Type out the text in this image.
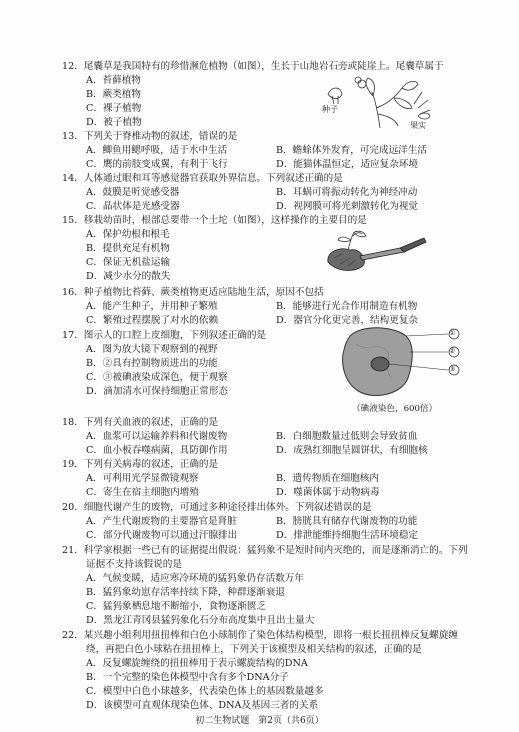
12．尾囊草是我国特有的珍惜濒危植物（如图），生长于山地岩石旁或陡崖上。尾囊草属于
A．苔藓植物
B．蕨类植物
C．裸子植物
D．被子植物
种子
果实
13．下列关于脊椎动物的叙述，错误的是
A．鲫鱼用鳃呼吸，适于水中生活	B．蟾蜍体外发育，可完成远洋生活
C．鹰的前肢变成翼，有利于飞行	D．能猫体温恒定，适应复杂环境
14．人体通过眼和耳等感觉器官获取外界信息。下列叙述正确的是
A．鼓膜是听觉感受器	B．耳蜗可将振动转化为神经冲动
C．晶状体是光感受器	D．视网膜可将光刺激转化为视觉
15．移栽幼苗时，根部总要带一个土坨（如图），这样操作的主要目的是
A．保护幼根和根毛
B．提供充足有机物
C．保证无机盐运输
D．减少水分的散失
16．种子植物比苔藓、蕨类植物更适应陆地生活，原因不包括
A．能产生种子，并用种子繁殖	B．能够进行光合作用制造有机物
C．繁殖过程摆脱了对水的依赖	D．器官分化更完善，结构更复杂
17．图示人的口腔上皮细胞，下列叙述正确的是
A．图为放大镜下观察到的视野
B．②具有控制物质进出的功能
C．③被碘液染成深色，便于观察
D．滴加清水可保持细胞正常形态
①
②
③
（碘液染色，600倍）
18．下列有关血液的叙述，正确的是
A．血浆可以运输养料和代谢废物	B．白细胞数量过低则会导致贫血
C．血小板吞噬病菌，具防御作用	D．成熟红细胞呈圆饼状，有细胞核
19．下列有关病毒的叙述，正确的是
A．可利用光学显微镜观察	B．遗传物质在细胞核内
C．寄生在宿主细胞内增殖	D．噬菌体属于动物病毒
20．细胞代谢产生的废物，可通过多种途径排出体外。下列叙述错误的是
A．产生代谢废物的主要器官是肾脏	B．膀胱具有储存代谢废物的功能
C．部分代谢废物可以通过汗腺排出	D．排泄能维持细胞生活环境稳定
21．科学家根据一些已有的证据提出假说：猛犸象不是短时间内灭绝的，而是逐渐消亡的。下列
证据不支持该假说的是
A．气候变暖，适应寒冷环境的猛犸象仍存活数万年
B．猛犸象幼崽存活率持续下降，种群逐渐衰退
C．猛犸象栖息地不断缩小，食物逐渐匮乏
D．黑龙江青冈县猛犸象化石分布高度集中且出土量大
22．某兴趣小组利用扭扭棒和白色小球制作了染色体结构模型，即将一根长扭扭棒反复螺旋缠
绕，再把白色小球粘在扭扭棒上，下列关于该模型及相关结构的叙述，正确的是
A．反复螺旋缠绕的扭扭棒用于表示螺旋结构的DNA
B．一个完整的染色体模型中含有多个DNA分子
C．模型中白色小球越多，代表染色体上的基因数量越多
D．该模型可直观体现染色体、DNA及基因三者的关系
初二生物试题　第2页（共6页）
